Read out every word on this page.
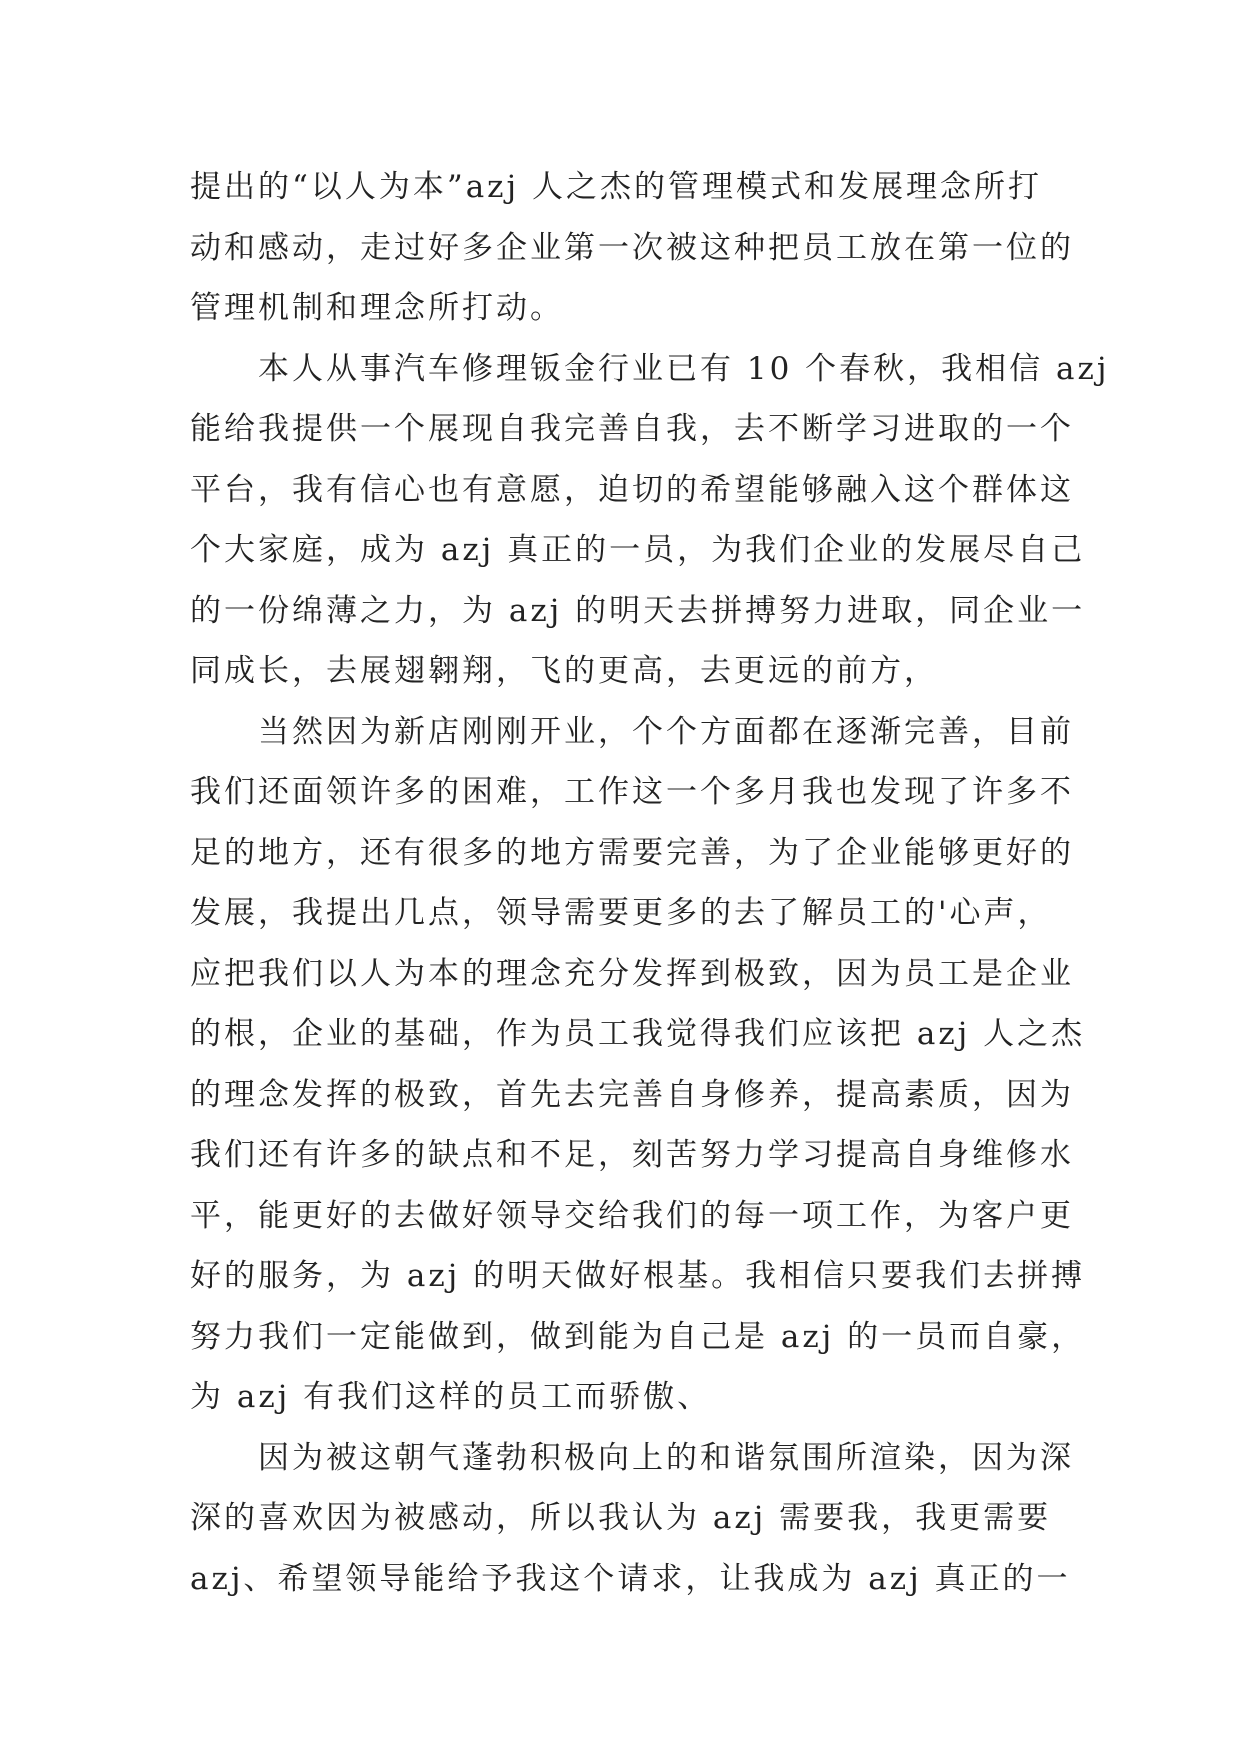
提出的“以人为本”azj 人之杰的管理模式和发展理念所打
动和感动，走过好多企业第一次被这种把员工放在第一位的
管理机制和理念所打动。
本人从事汽车修理钣金行业已有 10 个春秋，我相信 azj
能给我提供一个展现自我完善自我，去不断学习进取的一个
平台，我有信心也有意愿，迫切的希望能够融入这个群体这
个大家庭，成为 azj 真正的一员，为我们企业的发展尽自己
的一份绵薄之力，为 azj 的明天去拼搏努力进取，同企业一
同成长，去展翅翱翔，飞的更高，去更远的前方，
当然因为新店刚刚开业，个个方面都在逐渐完善，目前
我们还面领许多的困难，工作这一个多月我也发现了许多不
足的地方，还有很多的地方需要完善，为了企业能够更好的
发展，我提出几点，领导需要更多的去了解员工的'心声，
应把我们以人为本的理念充分发挥到极致，因为员工是企业
的根，企业的基础，作为员工我觉得我们应该把 azj 人之杰
的理念发挥的极致，首先去完善自身修养，提高素质，因为
我们还有许多的缺点和不足，刻苦努力学习提高自身维修水
平，能更好的去做好领导交给我们的每一项工作，为客户更
好的服务，为 azj 的明天做好根基。我相信只要我们去拼搏
努力我们一定能做到，做到能为自己是 azj 的一员而自豪，
为 azj 有我们这样的员工而骄傲、
因为被这朝气蓬勃积极向上的和谐氛围所渲染，因为深
深的喜欢因为被感动，所以我认为 azj 需要我，我更需要
azj、希望领导能给予我这个请求，让我成为 azj 真正的一
